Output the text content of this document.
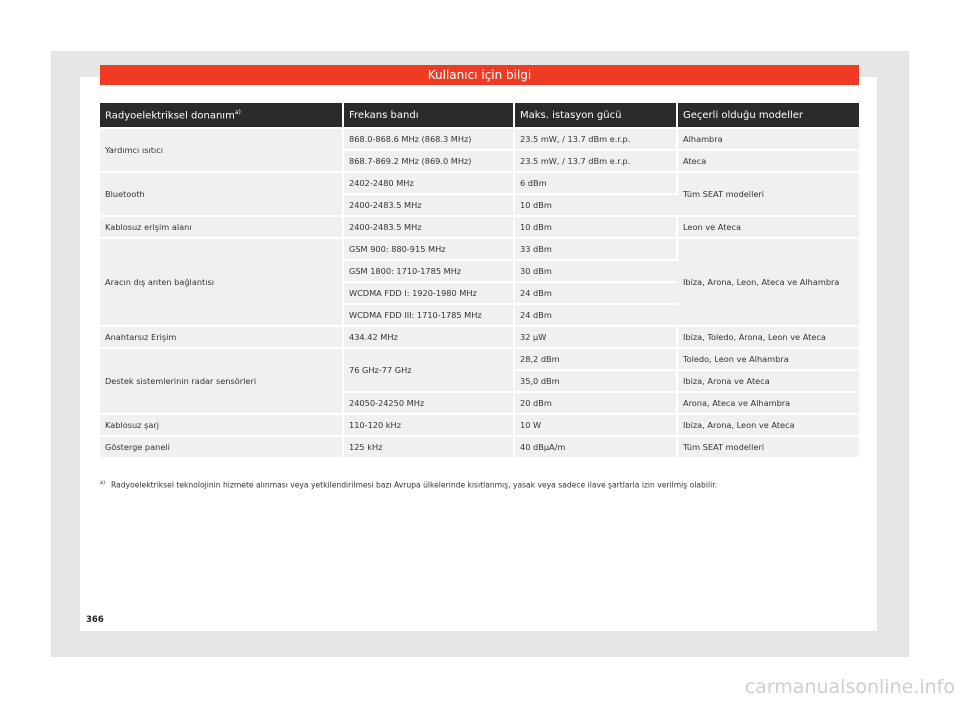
Kullanıcı için bilgi
Radyoelektriksel donanım$^{a)}$	Frekans bandı	Maks. istasyon gücü	Geçerli olduğu modeller
Yardımcı ısıtıcı	868.0-868.6 MHz (868.3 MHz)	23.5 mW, / 13.7 dBm e.r.p.	Alhambra
	868.7-869.2 MHz (869.0 MHz)	23.5 mW, / 13.7 dBm e.r.p.	Ateca
Bluetooth	2402-2480 MHz	6 dBm	Tüm SEAT modelleri
	2400-2483.5 MHz	10 dBm	
Kablosuz erişim alanı	2400-2483.5 MHz	10 dBm	Leon ve Ateca
Aracın dış anten bağlantısı	GSM 900: 880-915 MHz	33 dBm	Ibiza, Arona, Leon, Ateca ve Alhambra
	GSM 1800: 1710-1785 MHz	30 dBm	
	WCDMA FDD I: 1920-1980 MHz	24 dBm	
	WCDMA FDD III: 1710-1785 MHz	24 dBm	
Anahtarsız Erişim	434.42 MHz	32 µW	Ibiza, Toledo, Arona, Leon ve Ateca
Destek sistemlerinin radar sensörleri	76 GHz-77 GHz	28,2 dBm	Toledo, Leon ve Alhambra
		35,0 dBm	Ibiza, Arona ve Ateca
	24050-24250 MHz	20 dBm	Arona, Ateca ve Alhambra
Kablosuz şarj	110-120 kHz	10 W	Ibiza, Arona, Leon ve Ateca
Gösterge paneli	125 kHz	40 dBµA/m	Tüm SEAT modelleri
$^{a)}$ Radyoelektriksel teknolojinin hizmete alınması veya yetkilendirilmesi bazı Avrupa ülkelerinde kısıtlanmış, yasak veya sadece ilave şartlarla izin verilmiş olabilir.
366
carmanualsonline.info
